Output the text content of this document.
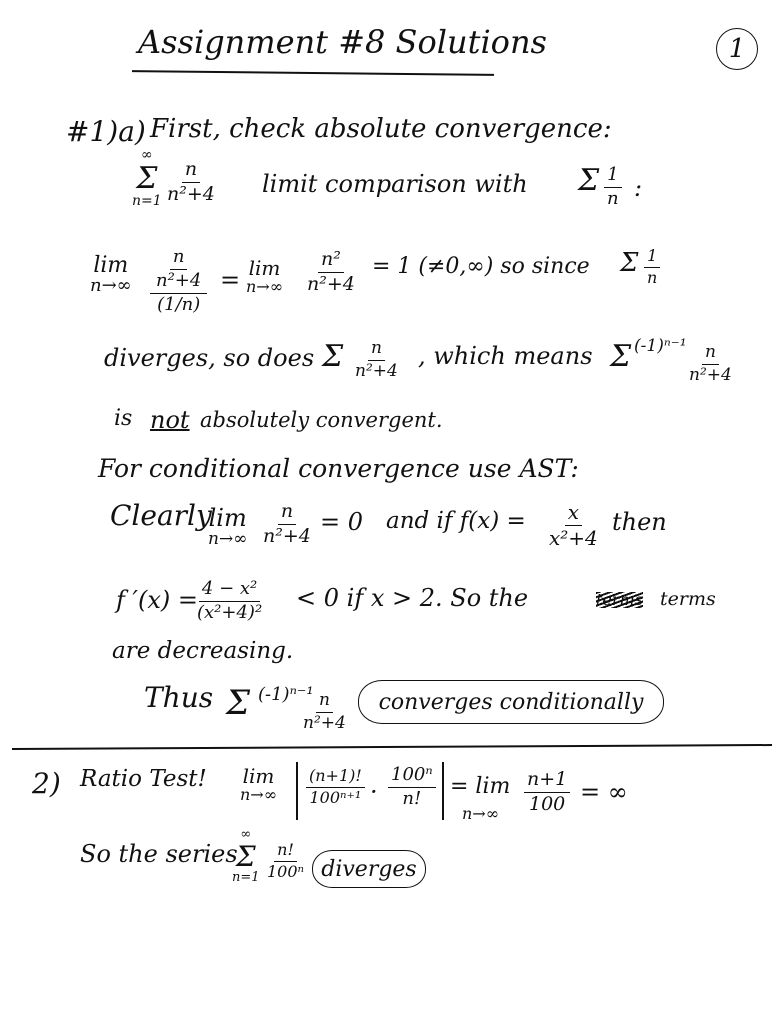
Assignment #8 Solutions	1
#1)a) First, check absolute convergence:
∞
Σ
$n=1 \frac{n}{\text{n²+4}}$ limit comparison with Σ $\frac{1}{n}$ :
lim
$n\to\infty \frac{\frac{n}{\text{n²+4}}}{(1/n)} = \lim$
$n\to\infty \frac{\text{n²}}{\text{n²+4}} = 1$ (≠0,∞) so since Σ $\frac{1}{n}$
diverges, so does Σ $\frac{n}{\text{n²+4}}$ , which means Σ $(-1)^{n-1} \frac{n}{\text{n²+4}}$
is not absolutely convergent.
For conditional convergence use AST:
Clearly
lim
$n\to\infty \frac{n}{\text{n²+4}} = 0$ and if $f(x) = \frac{x}{\text{x²+4}}$ then
f ′(x) =
$\frac{\text{4 − x²}}{\text{(x²+4)²}} < 0$ if x > 2. So the	terms terms
are decreasing.
Thus Σ (-1)ⁿ⁻¹
$\frac{n}{\text{n²+4}}$ converges conditionally
2) Ratio Test! lim
$n\to\infty \frac{(n+1)!}{\text{100ⁿ⁺¹}} \cdot \frac{\text{100ⁿ}}{n!} = \lim$
$n\to\infty \frac{n+1}{100}$ = ∞
So the series
∞
Σ
$n=1 \frac{n!}{\text{100ⁿ}}$ diverges
